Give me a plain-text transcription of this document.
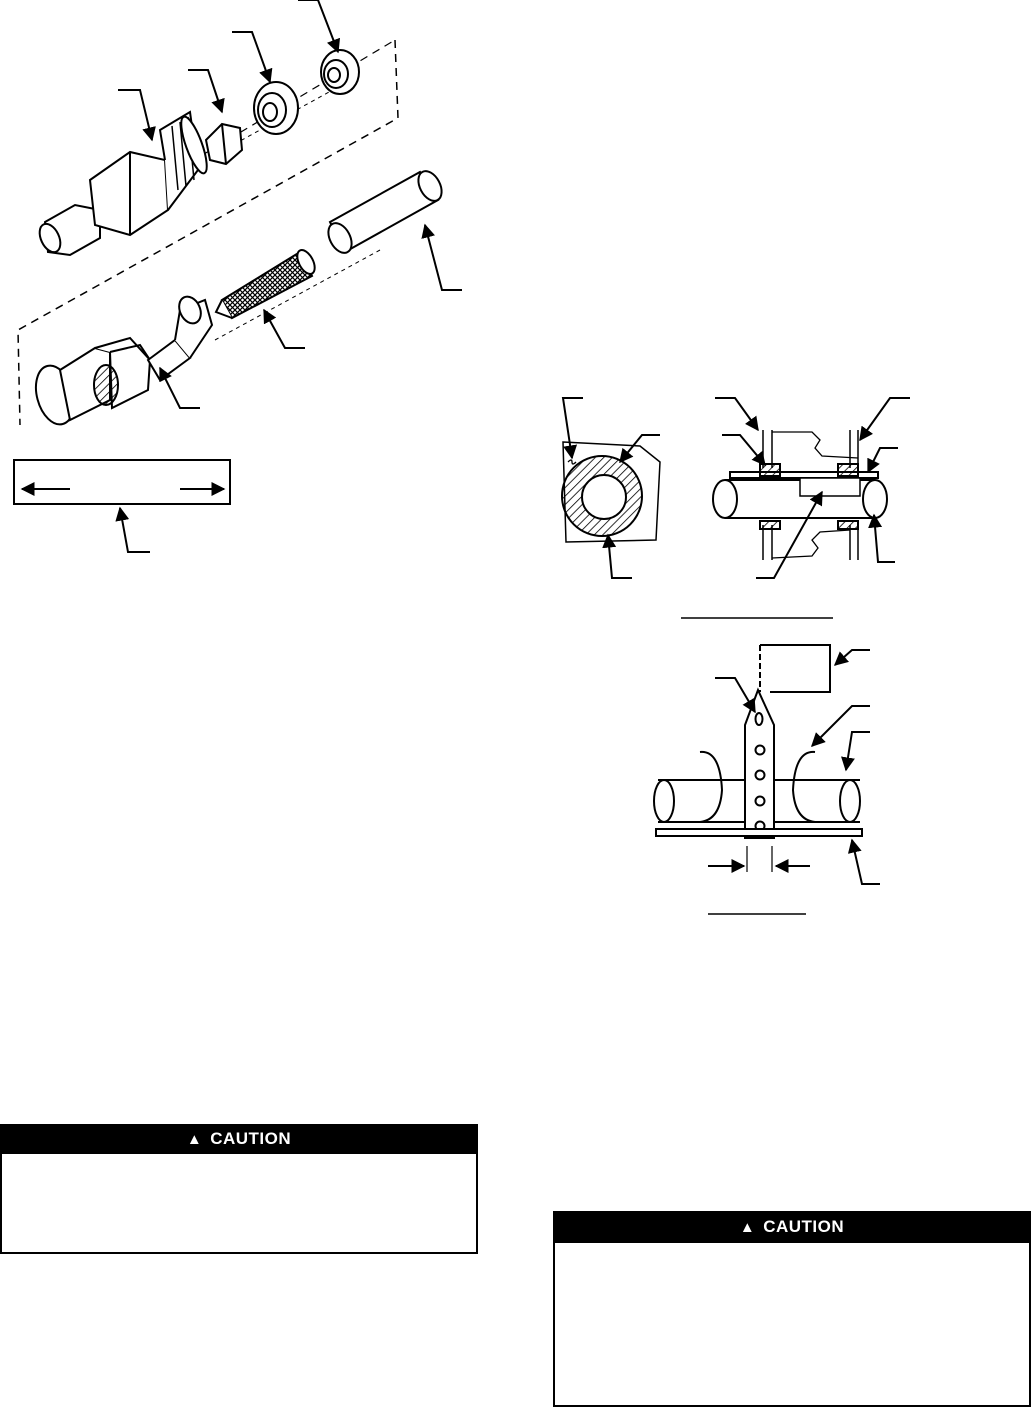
▲ CAUTION
▲ CAUTION
